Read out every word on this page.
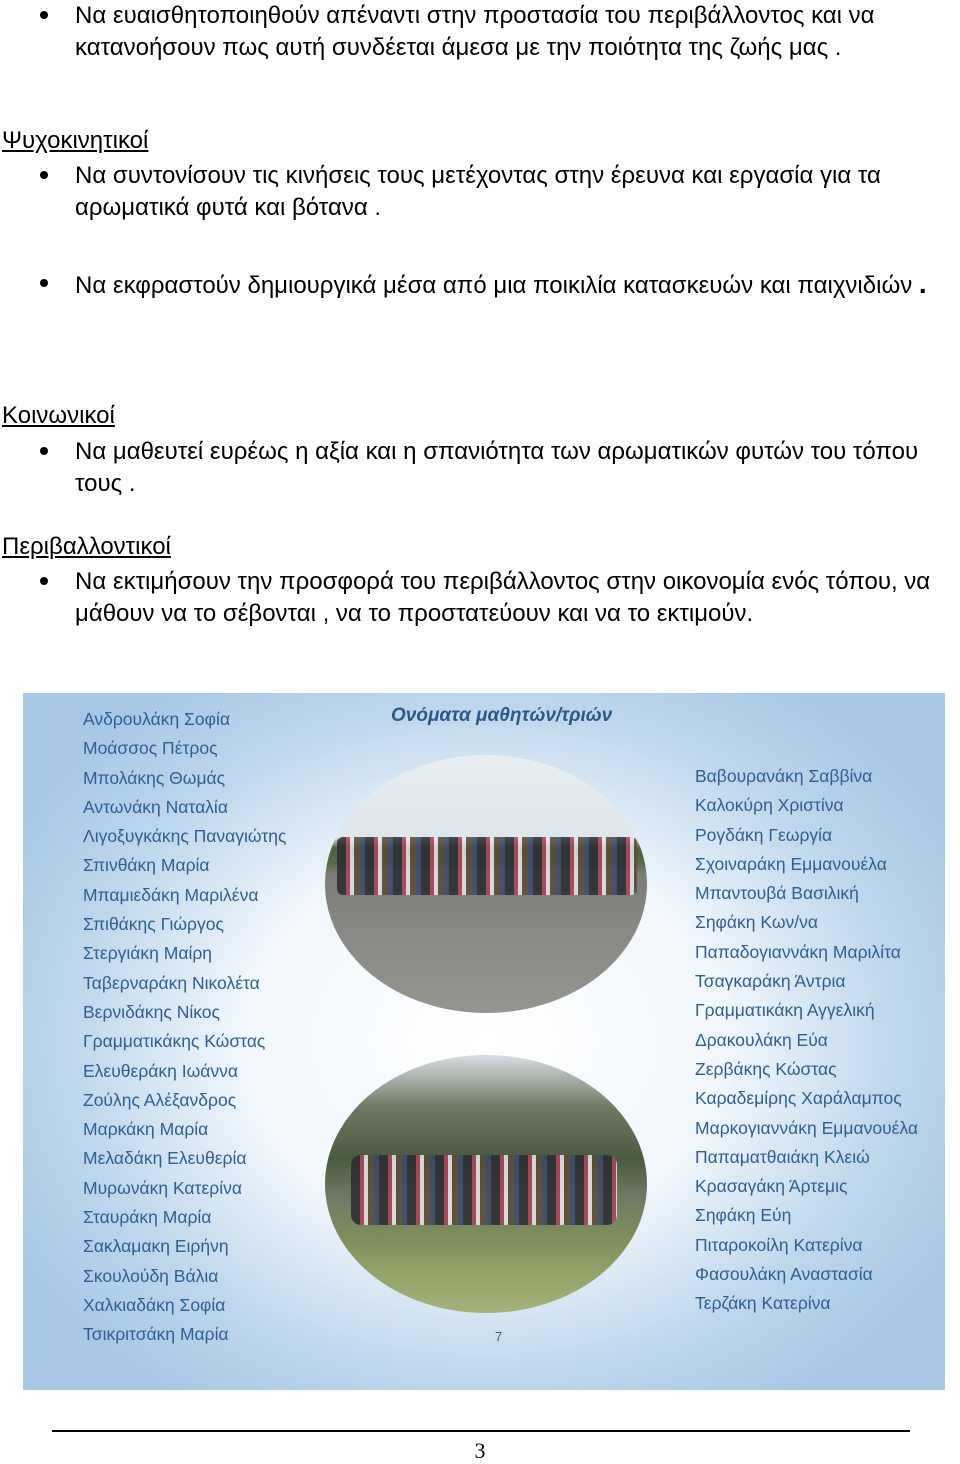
Να ευαισθητοποιηθούν απέναντι στην προστασία του περιβάλλοντος και να κατανοήσουν πως αυτή συνδέεται άμεσα με την ποιότητα της ζωής μας .
Ψυχοκινητικοί
Να συντονίσουν τις κινήσεις τους μετέχοντας στην έρευνα και εργασία για τα αρωματικά φυτά και βότανα .
Να εκφραστούν δημιουργικά μέσα από μια ποικιλία κατασκευών και παιχνιδιών .
Κοινωνικοί
Να μαθευτεί ευρέως η αξία και η σπανιότητα των αρωματικών φυτών του τόπου τους .
Περιβαλλοντικοί
Να εκτιμήσουν την προσφορά του περιβάλλοντος στην οικονομία ενός τόπου, να μάθουν να το σέβονται , να το προστατεύουν και να το εκτιμούν.
Ονόματα μαθητών/τριών
Ανδρουλάκη Σοφία
Μοάσσος Πέτρος
Μπολάκης Θωμάς
Αντωνάκη Ναταλία
Λιγοξυγκάκης Παναγιώτης
Σπινθάκη Μαρία
Μπαμιεδάκη Μαριλένα
Σπιθάκης Γιώργος
Στεργιάκη Μαίρη
Ταβερναράκη Νικολέτα
Βερνιδάκης Νίκος
Γραμματικάκης Κώστας
Ελευθεράκη Ιωάννα
Ζούλης Αλέξανδρος
Μαρκάκη Μαρία
Μελαδάκη Ελευθερία
Μυρωνάκη Κατερίνα
Σταυράκη Μαρία
Σακλαμακη Ειρήνη
Σκουλούδη Βάλια
Χαλκιαδάκη Σοφία
Τσικριτσάκη Μαρία
Βαβουρανάκη Σαββίνα
Καλοκύρη Χριστίνα
Ρογδάκη Γεωργία
Σχοιναράκη Εμμανουέλα
Μπαντουβά Βασιλική
Σηφάκη Κων/να
Παπαδογιαννάκη Μαριλίτα
Τσαγκαράκη Άντρια
Γραμματικάκη Αγγελική
Δρακουλάκη Εύα
Ζερβάκης Κώστας
Καραδεμίρης Χαράλαμπος
Μαρκογιαννάκη Εμμανουέλα
Παπαματθαιάκη Κλειώ
Κρασαγάκη Άρτεμις
Σηφάκη Εύη
Πιταροκοίλη Κατερίνα
Φασουλάκη Αναστασία
Τερζάκη Κατερίνα
7
3
